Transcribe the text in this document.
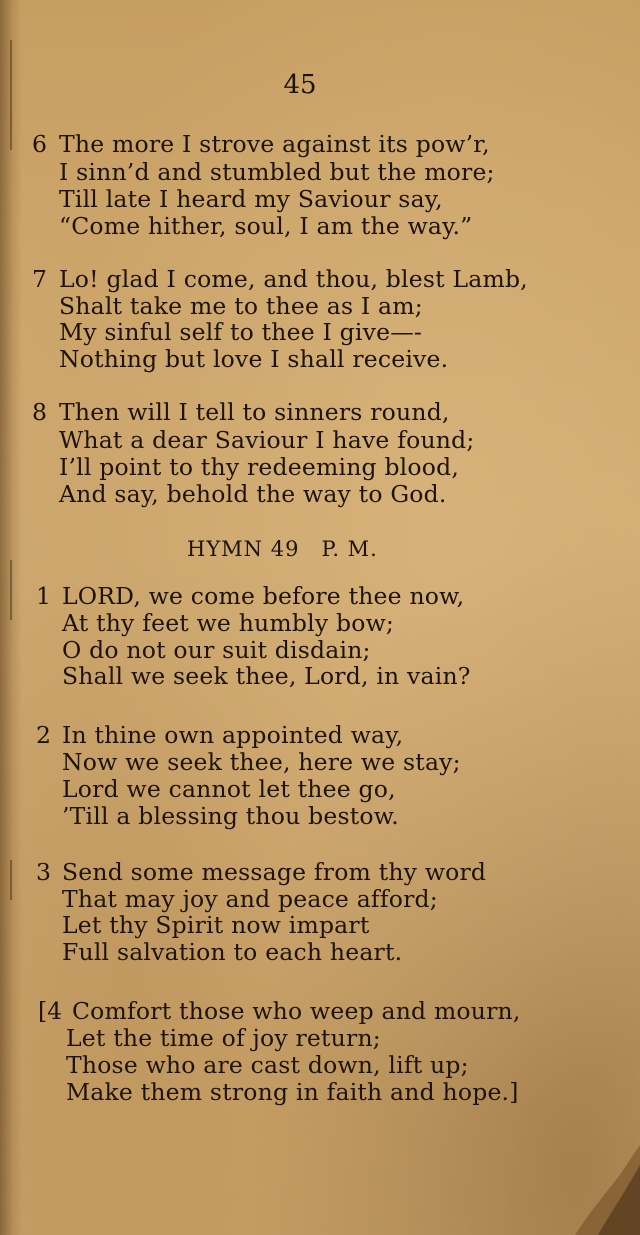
45
6 The more I strove against its pow’r,
I sinn’d and stumbled but the more;
Till late I heard my Saviour say,
“Come hither, soul, I am the way.”
7 Lo! glad I come, and thou, blest Lamb,
Shalt take me to thee as I am;
My sinful self to thee I give—-
Nothing but love I shall receive.
8 Then will I tell to sinners round,
What a dear Saviour I have found;
I’ll point to thy redeeming blood,
And say, behold the way to God.
HYMN 49 P. M.
1 LORD, we come before thee now,
At thy feet we humbly bow;
O do not our suit disdain;
Shall we seek thee, Lord, in vain?
2 In thine own appointed way,
Now we seek thee, here we stay;
Lord we cannot let thee go,
’Till a blessing thou bestow.
3 Send some message from thy word
That may joy and peace afford;
Let thy Spirit now impart
Full salvation to each heart.
[4 Comfort those who weep and mourn,
Let the time of joy return;
Those who are cast down, lift up;
Make them strong in faith and hope.]
